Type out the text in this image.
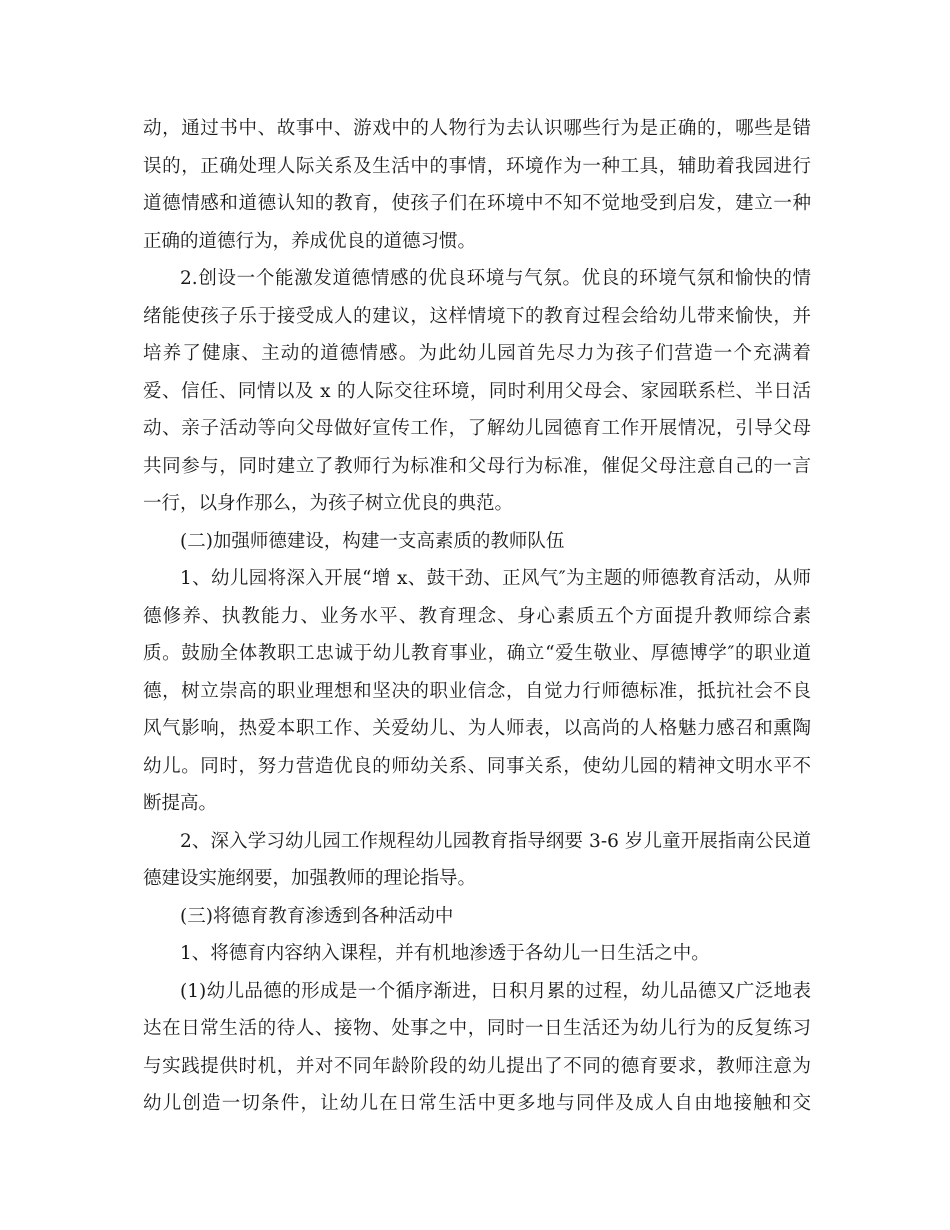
动，通过书中、故事中、游戏中的人物行为去认识哪些行为是正确的，哪些是错
误的，正确处理人际关系及生活中的事情，环境作为一种工具，辅助着我园进行
道德情感和道德认知的教育，使孩子们在环境中不知不觉地受到启发，建立一种
正确的道德行为，养成优良的道德习惯。
2.创设一个能激发道德情感的优良环境与气氛。优良的环境气氛和愉快的情
绪能使孩子乐于接受成人的建议，这样情境下的教育过程会给幼儿带来愉快，并
培养了健康、主动的道德情感。为此幼儿园首先尽力为孩子们营造一个充满着
爱、信任、同情以及 x 的人际交往环境，同时利用父母会、家园联系栏、半日活
动、亲子活动等向父母做好宣传工作，了解幼儿园德育工作开展情况，引导父母
共同参与，同时建立了教师行为标准和父母行为标准，催促父母注意自己的一言
一行，以身作那么，为孩子树立优良的典范。
(二)加强师德建设，构建一支高素质的教师队伍
1、幼儿园将深入开展“增 x、鼓干劲、正风气″为主题的师德教育活动，从师
德修养、执教能力、业务水平、教育理念、身心素质五个方面提升教师综合素
质。鼓励全体教职工忠诚于幼儿教育事业，确立“爱生敬业、厚德博学″的职业道
德，树立崇高的职业理想和坚决的职业信念，自觉力行师德标准，抵抗社会不良
风气影响，热爱本职工作、关爱幼儿、为人师表，以高尚的人格魅力感召和熏陶
幼儿。同时，努力营造优良的师幼关系、同事关系，使幼儿园的精神文明水平不
断提高。
2、深入学习幼儿园工作规程幼儿园教育指导纲要 3-6 岁儿童开展指南公民道
德建设实施纲要，加强教师的理论指导。
(三)将德育教育渗透到各种活动中
1、将德育内容纳入课程，并有机地渗透于各幼儿一日生活之中。
(1)幼儿品德的形成是一个循序渐进，日积月累的过程，幼儿品德又广泛地表
达在日常生活的待人、接物、处事之中，同时一日生活还为幼儿行为的反复练习
与实践提供时机，并对不同年龄阶段的幼儿提出了不同的德育要求，教师注意为
幼儿创造一切条件，让幼儿在日常生活中更多地与同伴及成人自由地接触和交
